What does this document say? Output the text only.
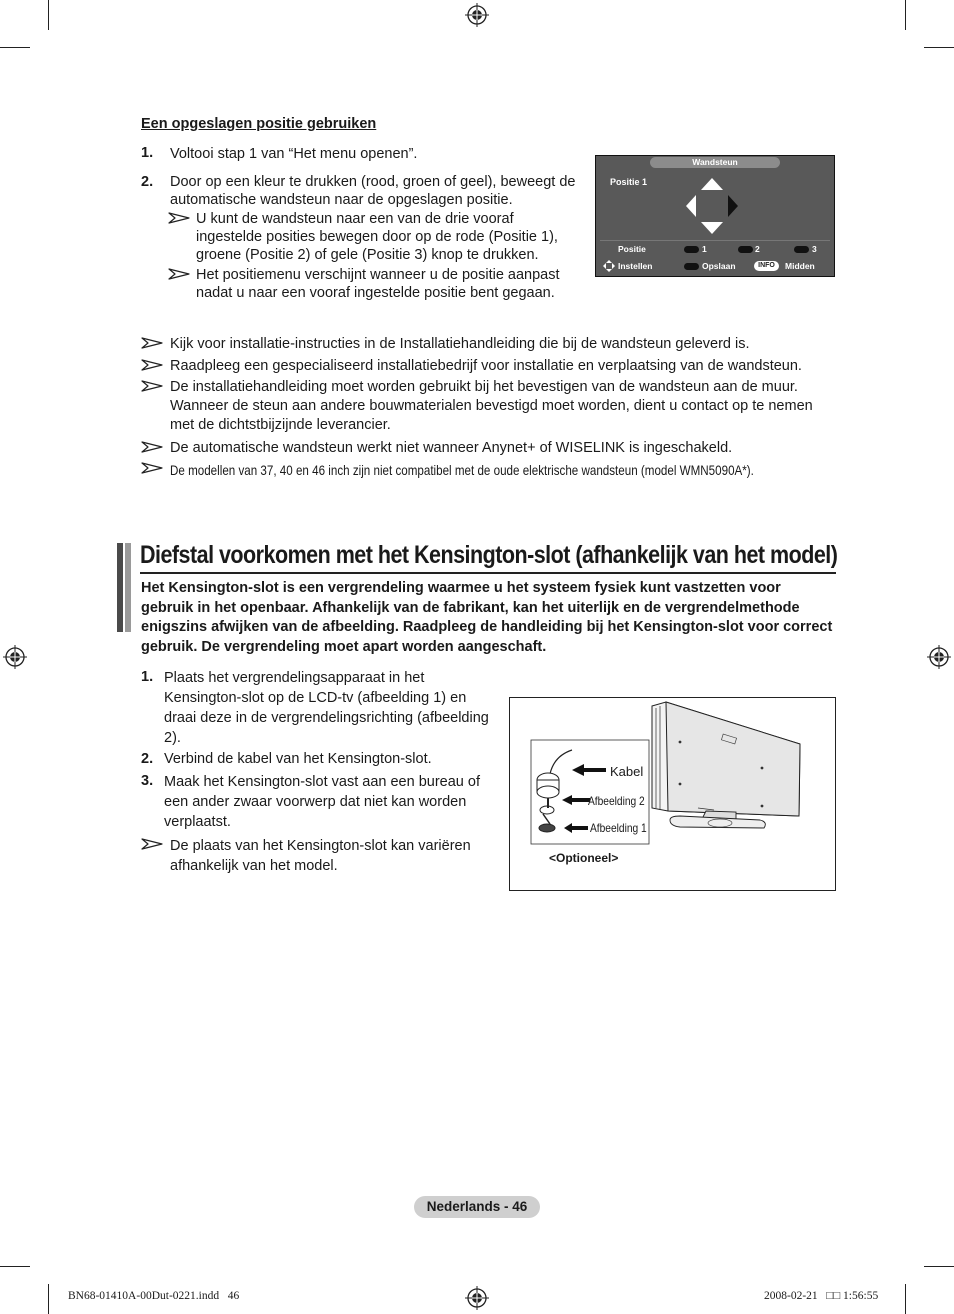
Een opgeslagen positie gebruiken
1. Voltooi stap 1 van “Het menu openen”.
2. Door op een kleur te drukken (rood, groen of geel), beweegt de automatische wandsteun naar de opgeslagen positie.
U kunt de wandsteun naar een van de drie vooraf ingestelde posities bewegen door op de rode (Positie 1), groene (Positie 2) of gele (Positie 3) knop te drukken.
Het positiemenu verschijnt wanneer u de positie aanpast nadat u naar een vooraf ingestelde positie bent gegaan.
Wandsteun
Positie 1
Positie	1	2	3
Instellen	Opslaan	INFO	Midden
Kijk voor installatie-instructies in de Installatiehandleiding die bij de wandsteun geleverd is.
Raadpleeg een gespecialiseerd installatiebedrijf voor installatie en verplaatsing van de wandsteun.
De installatiehandleiding moet worden gebruikt bij het bevestigen van de wandsteun aan de muur. Wanneer de steun aan andere bouwmaterialen bevestigd moet worden, dient u contact op te nemen met de dichtstbijzijnde leverancier.
De automatische wandsteun werkt niet wanneer Anynet+ of WISELINK is ingeschakeld.
De modellen van 37, 40 en 46 inch zijn niet compatibel met de oude elektrische wandsteun (model WMN5090A*).
Diefstal voorkomen met het Kensington-slot (afhankelijk van het model)
Het Kensington-slot is een vergrendeling waarmee u het systeem fysiek kunt vastzetten voor gebruik in het openbaar. Afhankelijk van de fabrikant, kan het uiterlijk en de vergrendelmethode enigszins afwijken van de afbeelding. Raadpleeg de handleiding bij het Kensington-slot voor correct gebruik. De vergrendeling moet apart worden aangeschaft.
1. Plaats het vergrendelingsapparaat in het Kensington-slot op de LCD-tv (afbeelding 1) en draai deze in de vergrendelingsrichting (afbeelding 2).
2. Verbind de kabel van het Kensington-slot.
3. Maak het Kensington-slot vast aan een bureau of een ander zwaar voorwerp dat niet kan worden verplaatst.
De plaats van het Kensington-slot kan variëren afhankelijk van het model.
Kabel
Afbeelding 2
Afbeelding 1
<Optioneel>
Nederlands - 46
BN68-01410A-00Dut-0221.indd   46	2008-02-21   □□ 1:56:55
